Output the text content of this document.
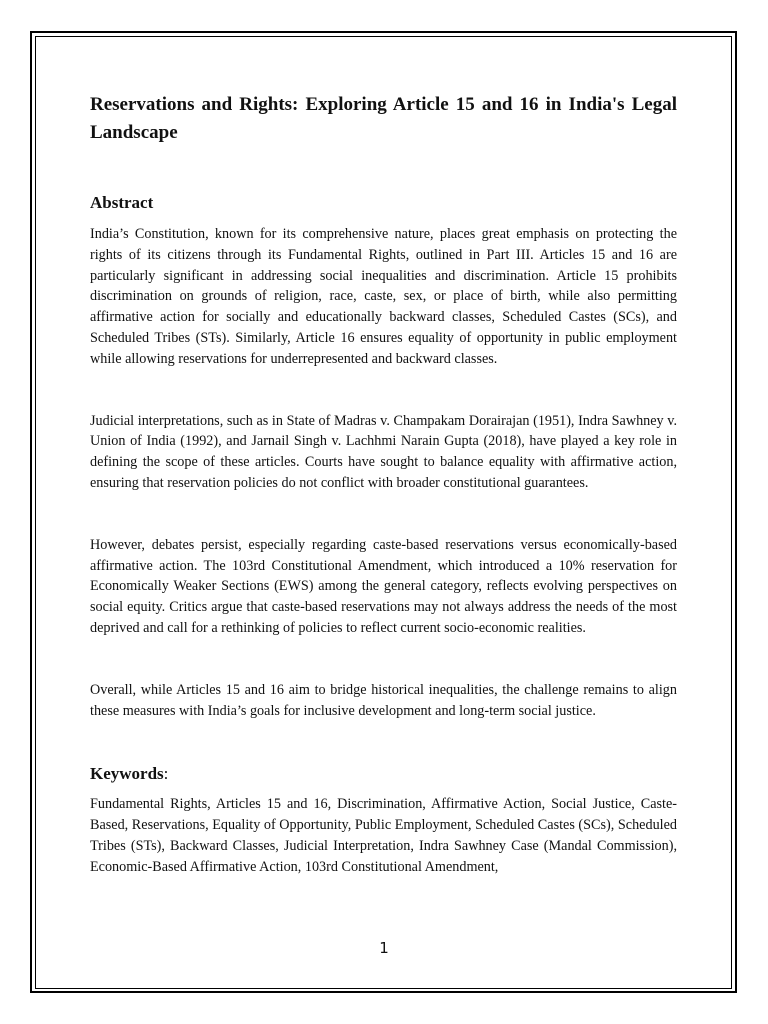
Reservations and Rights: Exploring Article 15 and 16 in India's Legal Landscape
Abstract

India’s Constitution, known for its comprehensive nature, places great emphasis on protecting the rights of its citizens through its Fundamental Rights, outlined in Part III. Articles 15 and 16 are particularly significant in addressing social inequalities and discrimination. Article 15 prohibits discrimination on grounds of religion, race, caste, sex, or place of birth, while also permitting affirmative action for socially and educationally backward classes, Scheduled Castes (SCs), and Scheduled Tribes (STs). Similarly, Article 16 ensures equality of opportunity in public employment while allowing reservations for underrepresented and backward classes.

Judicial interpretations, such as in State of Madras v. Champakam Dorairajan (1951), Indra Sawhney v. Union of India (1992), and Jarnail Singh v. Lachhmi Narain Gupta (2018), have played a key role in defining the scope of these articles. Courts have sought to balance equality with affirmative action, ensuring that reservation policies do not conflict with broader constitutional guarantees.

However, debates persist, especially regarding caste-based reservations versus economically-based affirmative action. The 103rd Constitutional Amendment, which introduced a 10% reservation for Economically Weaker Sections (EWS) among the general category, reflects evolving perspectives on social equity. Critics argue that caste-based reservations may not always address the needs of the most deprived and call for a rethinking of policies to reflect current socio-economic realities.

Overall, while Articles 15 and 16 aim to bridge historical inequalities, the challenge remains to align these measures with India’s goals for inclusive development and long-term social justice.

Keywords:

Fundamental Rights, Articles 15 and 16, Discrimination, Affirmative Action, Social Justice, Caste-Based, Reservations, Equality of Opportunity, Public Employment, Scheduled Castes (SCs), Scheduled Tribes (STs), Backward Classes, Judicial Interpretation, Indra Sawhney Case (Mandal Commission), Economic-Based Affirmative Action, 103rd Constitutional Amendment,

1
